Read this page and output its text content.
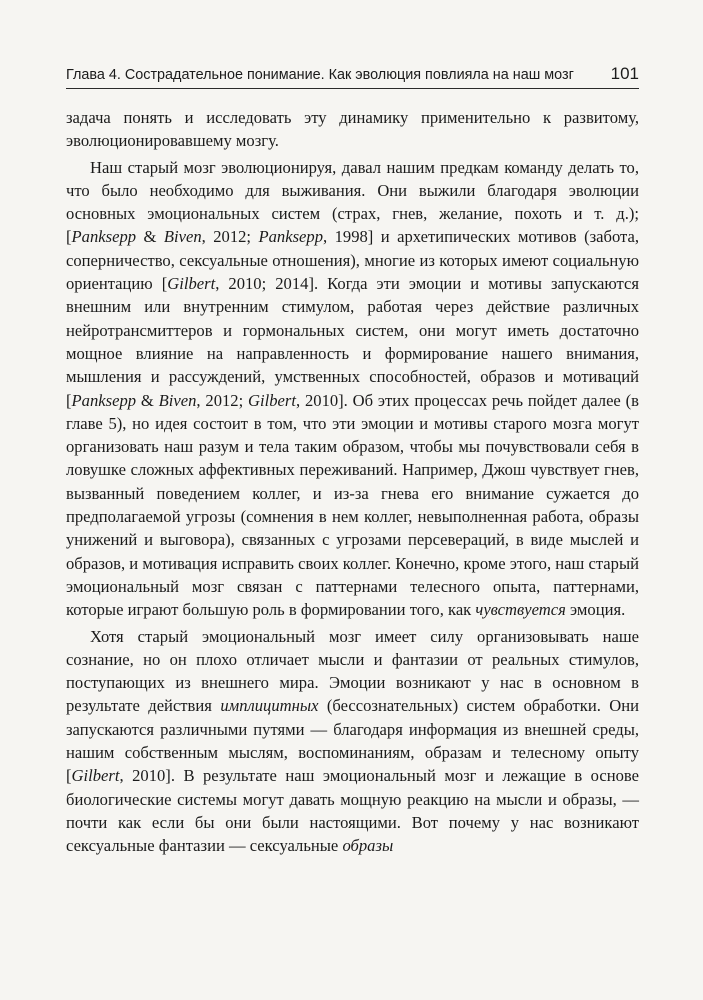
Глава 4. Сострадательное понимание. Как эволюция повлияла на наш мозг 101

задача понять и исследовать эту динамику применительно к развитому, эволюционировавшему мозгу.

Наш старый мозг эволюционируя, давал нашим предкам команду делать то, что было необходимо для выживания. Они выжили благодаря эволюции основных эмоциональных систем (страх, гнев, желание, похоть и т. д.); [Panksepp & Biven, 2012; Panksepp, 1998] и архетипических мотивов (забота, соперничество, сексуальные отношения), многие из которых имеют социальную ориентацию [Gilbert, 2010; 2014]. Когда эти эмоции и мотивы запускаются внешним или внутренним стимулом, работая через действие различных нейротрансмиттеров и гормональных систем, они могут иметь достаточно мощное влияние на направленность и формирование нашего внимания, мышления и рассуждений, умственных способностей, образов и мотиваций [Panksepp & Biven, 2012; Gilbert, 2010]. Об этих процессах речь пойдет далее (в главе 5), но идея состоит в том, что эти эмоции и мотивы старого мозга могут организовать наш разум и тела таким образом, чтобы мы почувствовали себя в ловушке сложных аффективных переживаний. Например, Джош чувствует гнев, вызванный поведением коллег, и из-за гнева его внимание сужается до предполагаемой угрозы (сомнения в нем коллег, невыполненная работа, образы унижений и выговора), связанных с угрозами персевераций, в виде мыслей и образов, и мотивация исправить своих коллег. Конечно, кроме этого, наш старый эмоциональный мозг связан с паттернами телесного опыта, паттернами, которые играют большую роль в формировании того, как чувствуется эмоция.

Хотя старый эмоциональный мозг имеет силу организовывать наше сознание, но он плохо отличает мысли и фантазии от реальных стимулов, поступающих из внешнего мира. Эмоции возникают у нас в основном в результате действия имплицитных (бессознательных) систем обработки. Они запускаются различными путями — благодаря информация из внешней среды, нашим собственным мыслям, воспоминаниям, образам и телесному опыту [Gilbert, 2010]. В результате наш эмоциональный мозг и лежащие в основе биологические системы могут давать мощную реакцию на мысли и образы, — почти как если бы они были настоящими. Вот почему у нас возникают сексуальные фантазии — сексуальные образы
